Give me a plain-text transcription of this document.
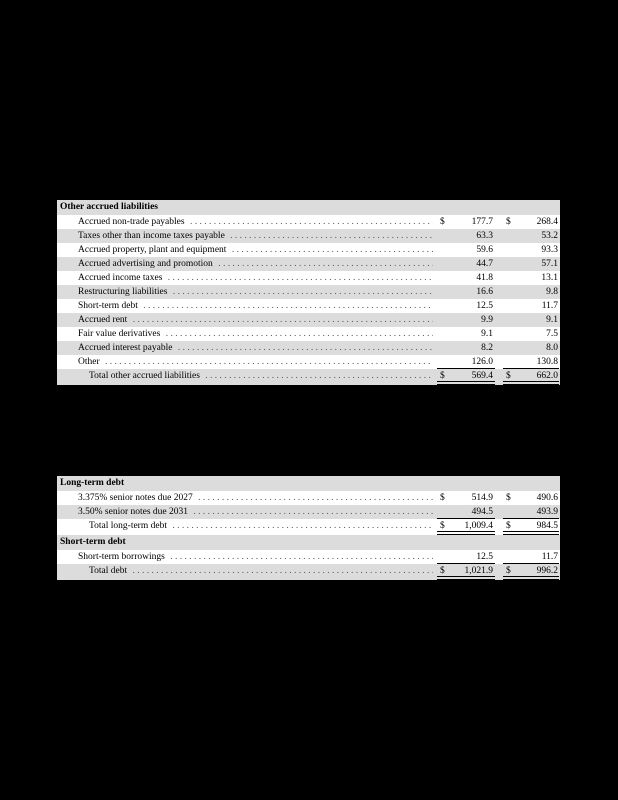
Other accrued liabilities
Accrued non-trade payables . . .	$	177.7 $	268.4
Taxes other than income taxes payable . . .	63.3	53.2
Accrued property, plant and equipment . . .	59.6	93.3
Accrued advertising and promotion . . .	44.7	57.1
Accrued income taxes . . .	41.8	13.1
Restructuring liabilities . . .	16.6	9.8
Short-term debt . . .	12.5	11.7
Accrued rent . . .	9.9	9.1
Fair value derivatives . . .	9.1	7.5
Accrued interest payable . . .	8.2	8.0
Other . . .	126.0	130.8
Total other accrued liabilities . . .	$	569.4 $	662.0
Long-term debt
3.375% senior notes due 2027 . . .	$	514.9 $	490.6
3.50% senior notes due 2031 . . .	494.5	493.9
Total long-term debt . . .	$	1,009.4 $	984.5
Short-term debt
Short-term borrowings . . .	12.5	11.7
Total debt . . .	$	1,021.9 $	996.2
